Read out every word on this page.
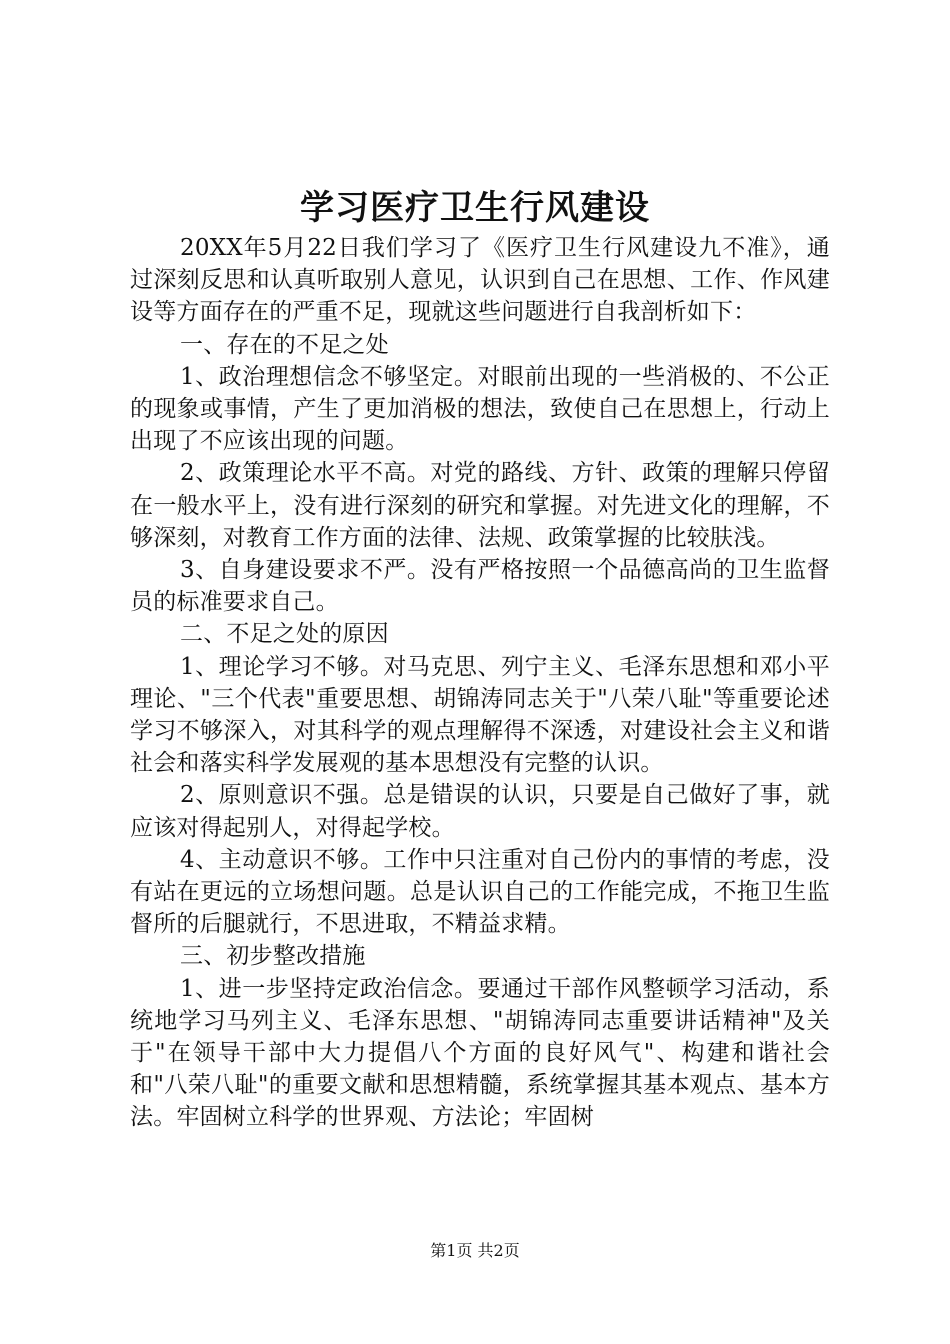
学习医疗卫生行风建设

20XX年5月22日我们学习了《医疗卫生行风建设九不准》，通过深刻反思和认真听取别人意见，认识到自己在思想、工作、作风建设等方面存在的严重不足，现就这些问题进行自我剖析如下：

一、存在的不足之处

1、政治理想信念不够坚定。对眼前出现的一些消极的、不公正的现象或事情，产生了更加消极的想法，致使自己在思想上，行动上出现了不应该出现的问题。

2、政策理论水平不高。对党的路线、方针、政策的理解只停留在一般水平上，没有进行深刻的研究和掌握。对先进文化的理解，不够深刻，对教育工作方面的法律、法规、政策掌握的比较肤浅。

3、自身建设要求不严。没有严格按照一个品德高尚的卫生监督员的标准要求自己。

二、不足之处的原因

1、理论学习不够。对马克思、列宁主义、毛泽东思想和邓小平理论、"三个代表"重要思想、胡锦涛同志关于"八荣八耻"等重要论述学习不够深入，对其科学的观点理解得不深透，对建设社会主义和谐社会和落实科学发展观的基本思想没有完整的认识。

2、原则意识不强。总是错误的认识，只要是自己做好了事，就应该对得起别人，对得起学校。

4、主动意识不够。工作中只注重对自己份内的事情的考虑，没有站在更远的立场想问题。总是认识自己的工作能完成，不拖卫生监督所的后腿就行，不思进取，不精益求精。

三、初步整改措施

1、进一步坚持定政治信念。要通过干部作风整顿学习活动，系统地学习马列主义、毛泽东思想、"胡锦涛同志重要讲话精神"及关于"在领导干部中大力提倡八个方面的良好风气"、构建和谐社会和"八荣八耻"的重要文献和思想精髓，系统掌握其基本观点、基本方法。牢固树立科学的世界观、方法论；牢固树

第1页 共2页
